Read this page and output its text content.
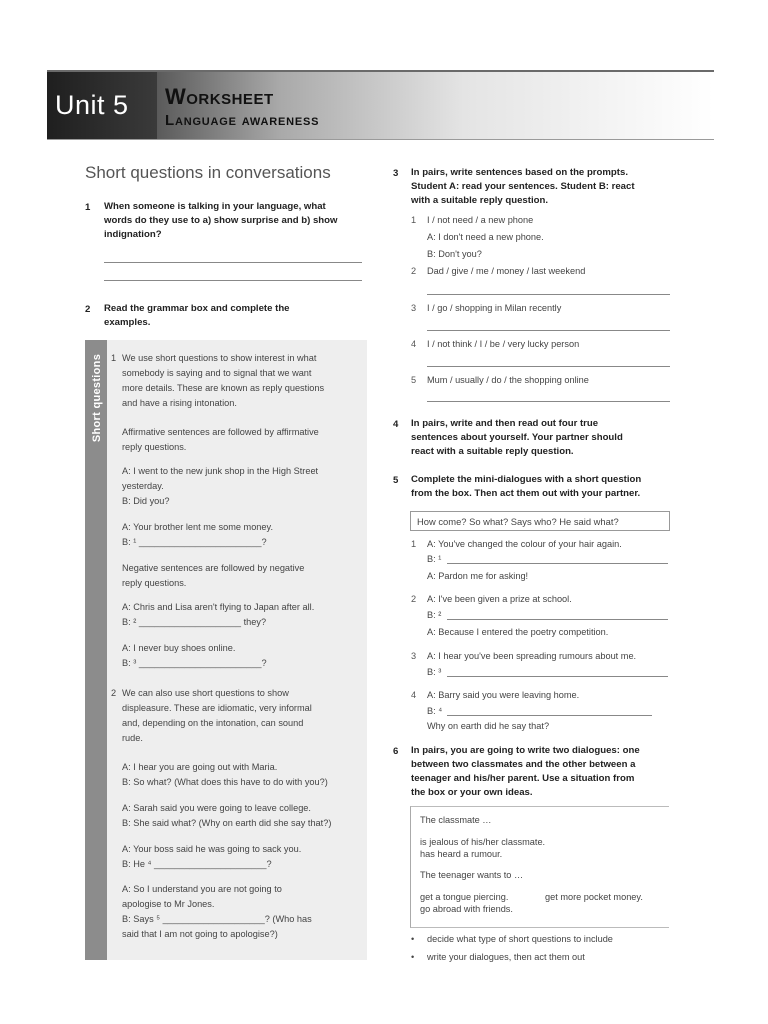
Unit 5 Worksheet
Language awareness
Short questions in conversations
1 When someone is talking in your language, what
words do they use to a) show surprise and b) show
indignation?
2 Read the grammar box and complete the
examples.
Short questions 1 We use short questions to show interest in what
somebody is saying and to signal that we want
more details. These are known as reply questions
and have a rising intonation.
Affirmative sentences are followed by affirmative
reply questions.
A: I went to the new junk shop in the High Street
yesterday.
B: Did you?
A: Your brother lent me some money.
B: ¹ ________________________?
Negative sentences are followed by negative
reply questions.
A: Chris and Lisa aren't flying to Japan after all.
B: ² ____________________ they?
A: I never buy shoes online.
B: ³ ________________________?
2 We can also use short questions to show
displeasure. These are idiomatic, very informal
and, depending on the intonation, can sound
rude.
A: I hear you are going out with Maria.
B: So what? (What does this have to do with you?)
A: Sarah said you were going to leave college.
B: She said what? (Why on earth did she say that?)
A: Your boss said he was going to sack you.
B: He ⁴ ______________________?
A: So I understand you are not going to
apologise to Mr Jones.
B: Says ⁵ ____________________? (Who has
said that I am not going to apologise?)
3 In pairs, write sentences based on the prompts.
Student A: read your sentences. Student B: react
with a suitable reply question.
1 I / not need / a new phone
A: I don't need a new phone.
B: Don't you?
2 Dad / give / me / money / last weekend
3 I / go / shopping in Milan recently
4 I / not think / I / be / very lucky person
5 Mum / usually / do / the shopping online
4 In pairs, write and then read out four true
sentences about yourself. Your partner should
react with a suitable reply question.
5 Complete the mini-dialogues with a short question
from the box. Then act them out with your partner.
How come? So what? Says who? He said what?
1 A: You've changed the colour of your hair again.
B: ¹
A: Pardon me for asking!
2 A: I've been given a prize at school.
B: ²
A: Because I entered the poetry competition.
3 A: I hear you've been spreading rumours about me.
B: ³
4 A: Barry said you were leaving home.
B: ⁴
Why on earth did he say that?
6 In pairs, you are going to write two dialogues: one
between two classmates and the other between a
teenager and his/her parent. Use a situation from
the box or your own ideas.
The classmate …
is jealous of his/her classmate.
has heard a rumour.
The teenager wants to …
get a tongue piercing.	get more pocket money.
go abroad with friends.
• decide what type of short questions to include
• write your dialogues, then act them out
